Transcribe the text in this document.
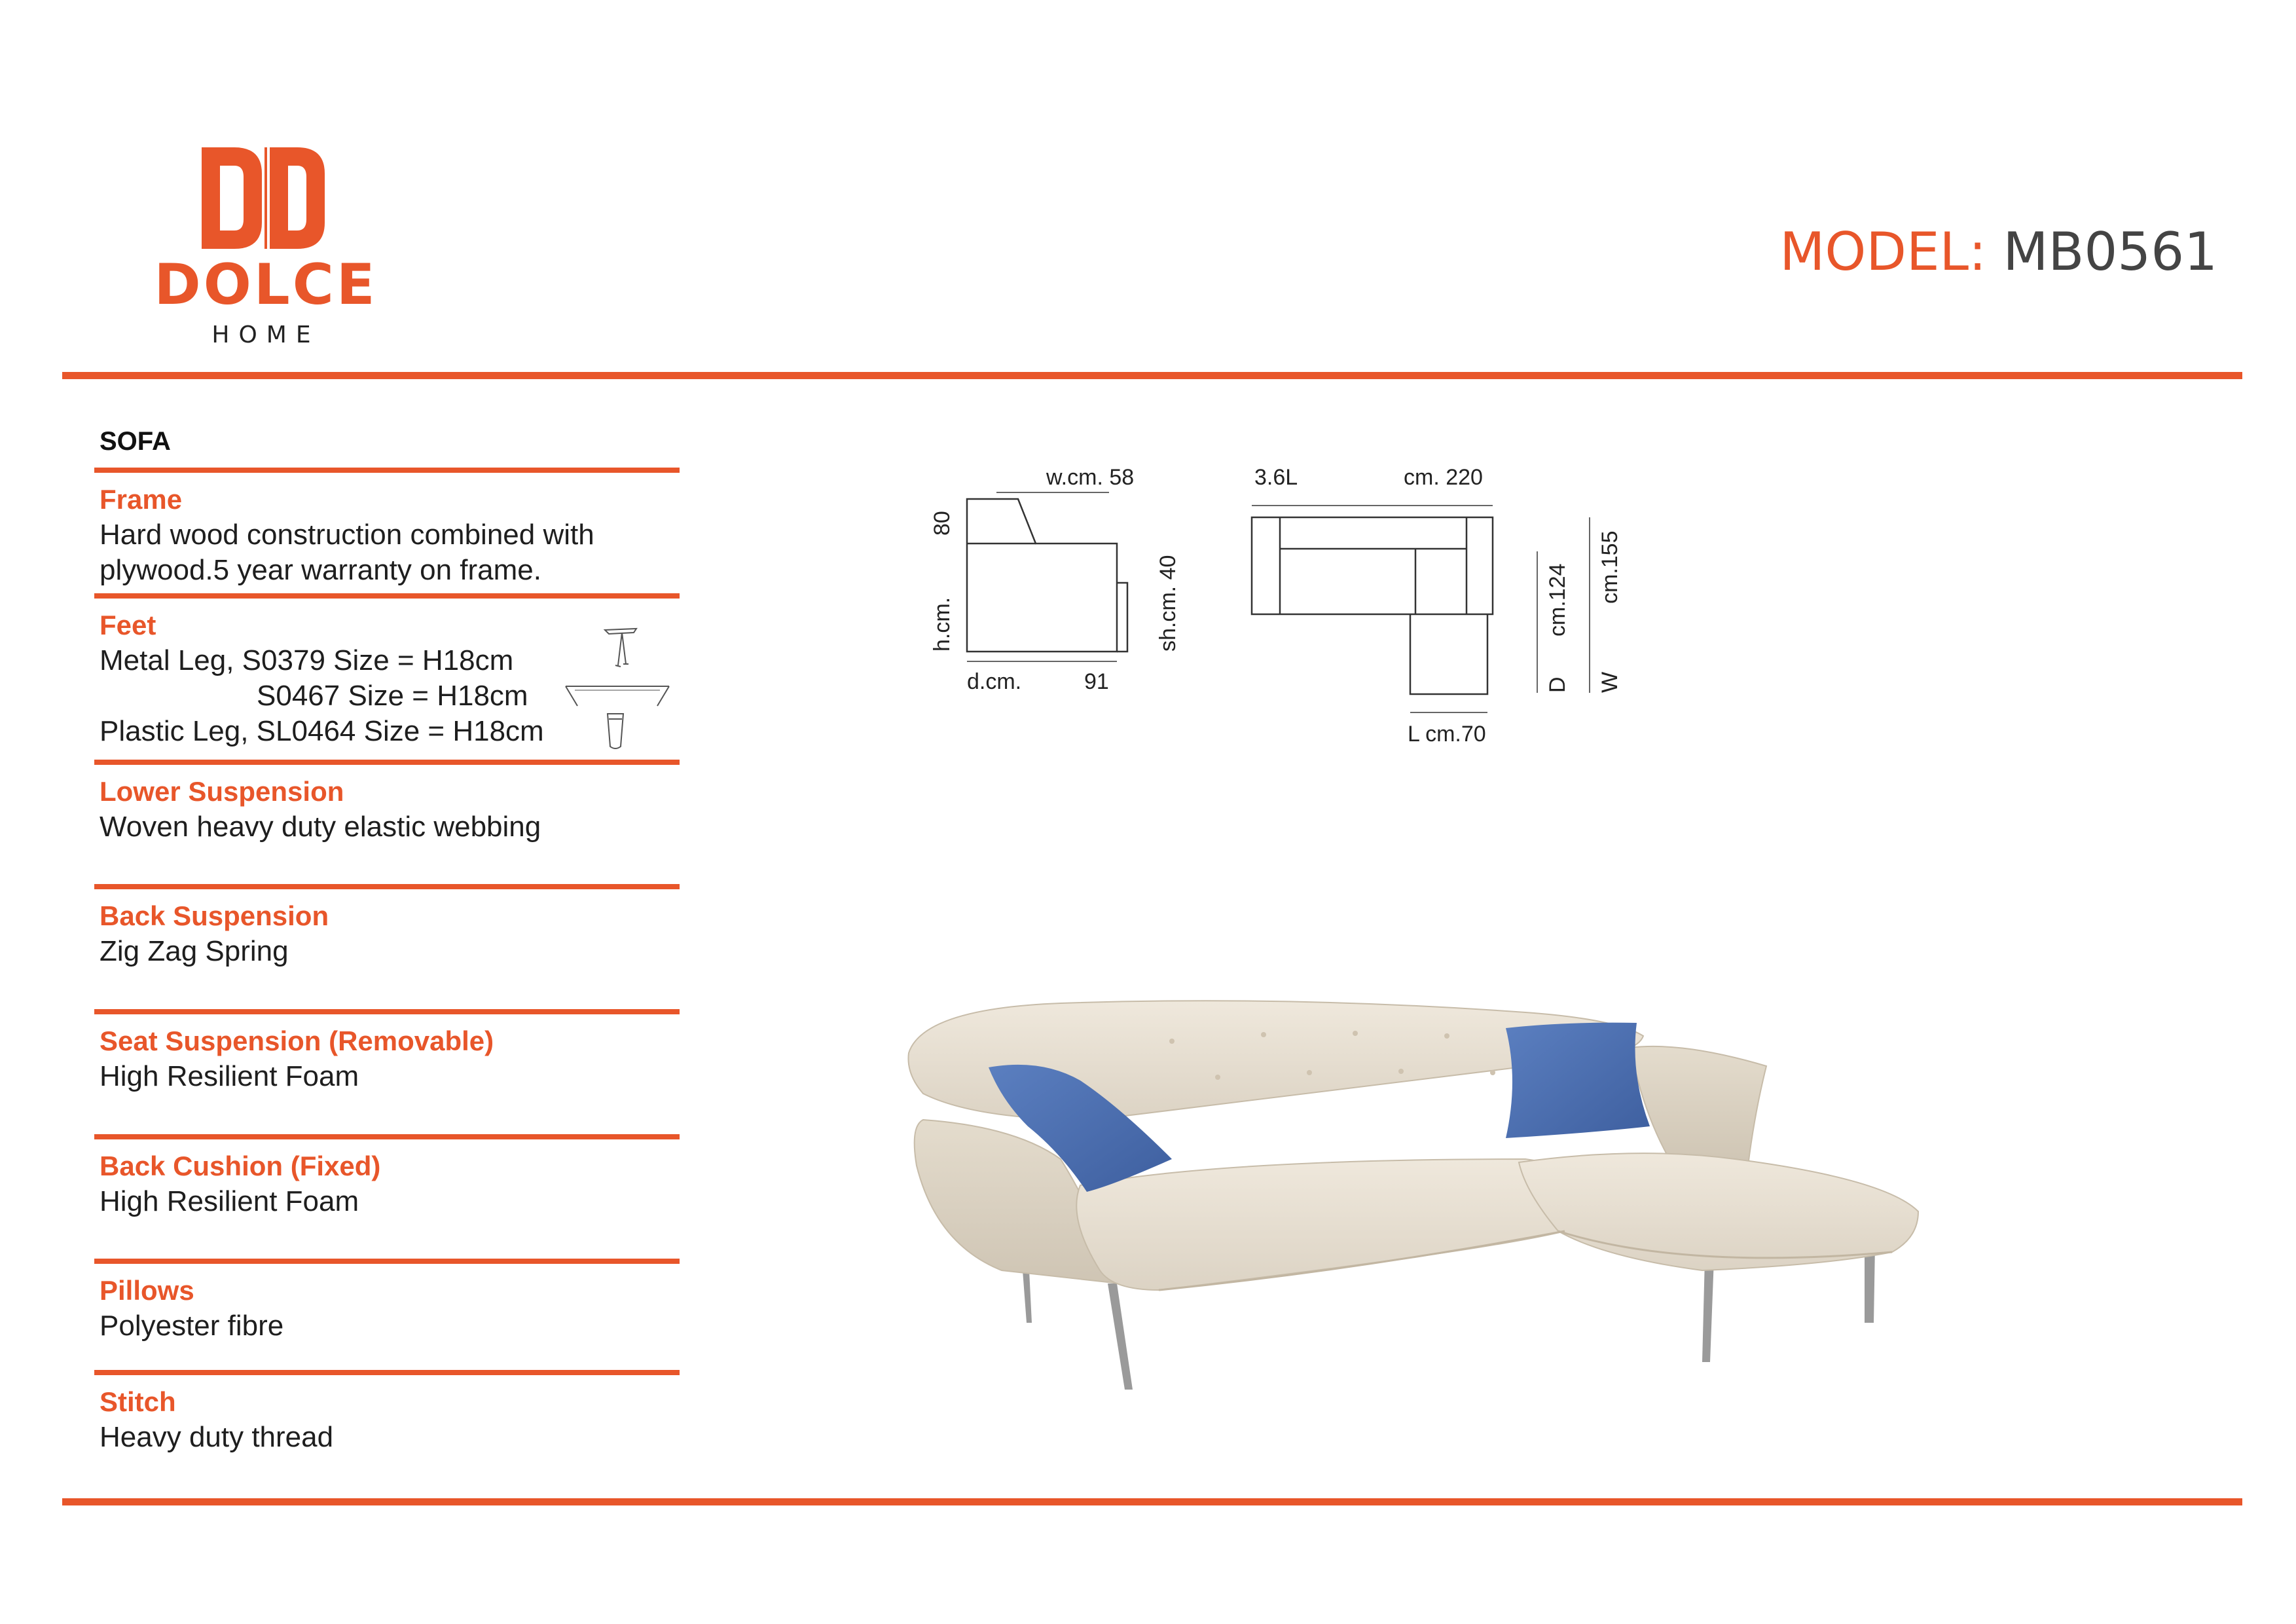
DOLCE
HOME
MODEL: MB0561
SOFA
Frame
Hard wood construction combined with
plywood.5 year warranty on frame.
Feet
Metal Leg, S0379 Size = H18cm
S0467 Size = H18cm
Plastic Leg, SL0464 Size = H18cm
Lower Suspension
Woven heavy duty elastic webbing
Back Suspension
Zig Zag Spring
Seat Suspension (Removable)
High Resilient Foam
Back Cushion (Fixed)
High Resilient Foam
Pillows
Polyester fibre
Stitch
Heavy duty thread
w.cm. 58
80
h.cm.	sh.cm. 40
d.cm.	91
3.6L	cm. 220
cm.124
D
cm.155
W
L cm.70
